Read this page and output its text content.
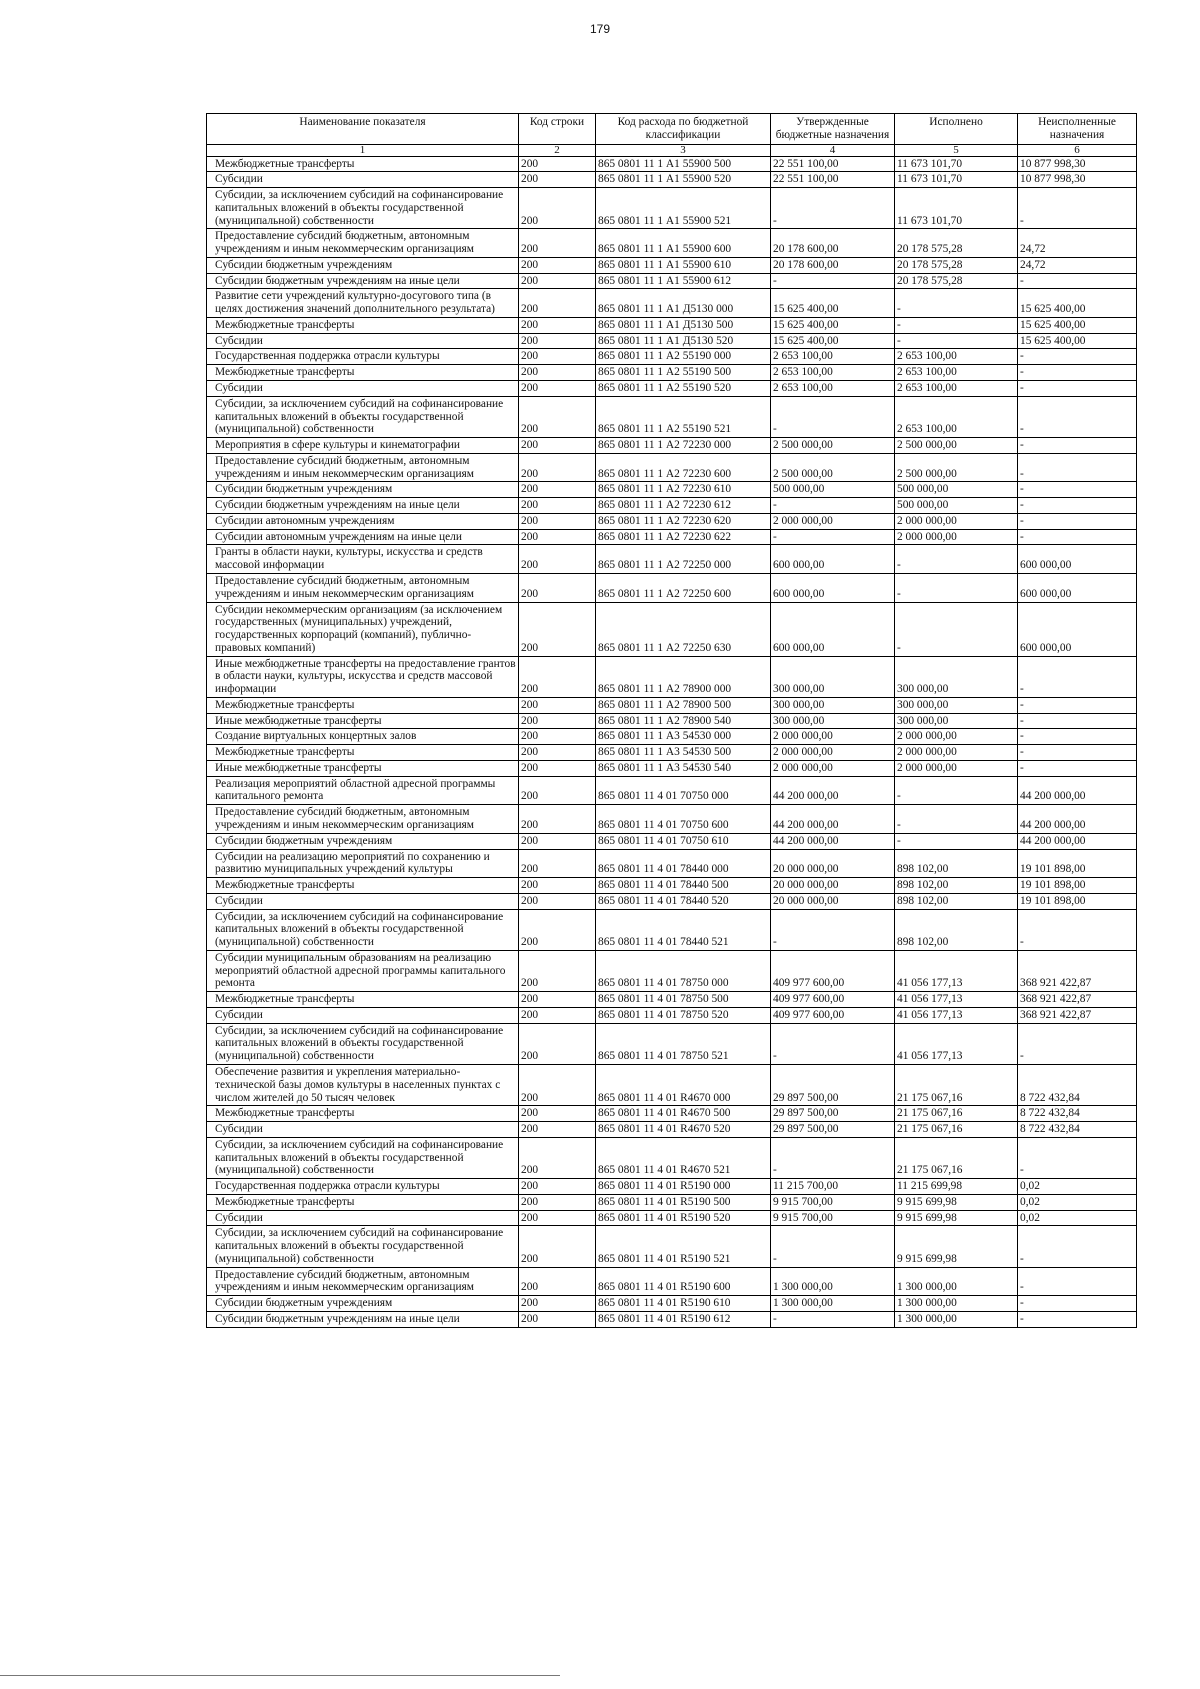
179
Наименование показателя	Код строки	Код расхода по бюджетной классификации	Утвержденные бюджетные назначения	Исполнено	Неисполненные назначения
1	2	3	4	5	6
Межбюджетные трансферты	200	865 0801 11 1 А1 55900 500	22 551 100,00	11 673 101,70	10 877 998,30
Субсидии	200	865 0801 11 1 А1 55900 520	22 551 100,00	11 673 101,70	10 877 998,30
Субсидии, за исключением субсидий на софинансирование капитальных вложений в объекты государственной (муниципальной) собственности	200	865 0801 11 1 А1 55900 521	-	11 673 101,70	-
Предоставление субсидий бюджетным, автономным учреждениям и иным некоммерческим организациям	200	865 0801 11 1 А1 55900 600	20 178 600,00	20 178 575,28	24,72
Субсидии бюджетным учреждениям	200	865 0801 11 1 А1 55900 610	20 178 600,00	20 178 575,28	24,72
Субсидии бюджетным учреждениям на иные цели	200	865 0801 11 1 А1 55900 612	-	20 178 575,28	-
Развитие сети учреждений культурно-досугового типа (в целях достижения значений дополнительного результата)	200	865 0801 11 1 А1 Д5130 000	15 625 400,00	-	15 625 400,00
Межбюджетные трансферты	200	865 0801 11 1 А1 Д5130 500	15 625 400,00	-	15 625 400,00
Субсидии	200	865 0801 11 1 А1 Д5130 520	15 625 400,00	-	15 625 400,00
Государственная поддержка отрасли культуры	200	865 0801 11 1 А2 55190 000	2 653 100,00	2 653 100,00	-
Межбюджетные трансферты	200	865 0801 11 1 А2 55190 500	2 653 100,00	2 653 100,00	-
Субсидии	200	865 0801 11 1 А2 55190 520	2 653 100,00	2 653 100,00	-
Субсидии, за исключением субсидий на софинансирование капитальных вложений в объекты государственной (муниципальной) собственности	200	865 0801 11 1 А2 55190 521	-	2 653 100,00	-
Мероприятия в сфере культуры и кинематографии	200	865 0801 11 1 А2 72230 000	2 500 000,00	2 500 000,00	-
Предоставление субсидий бюджетным, автономным учреждениям и иным некоммерческим организациям	200	865 0801 11 1 А2 72230 600	2 500 000,00	2 500 000,00	-
Субсидии бюджетным учреждениям	200	865 0801 11 1 А2 72230 610	500 000,00	500 000,00	-
Субсидии бюджетным учреждениям на иные цели	200	865 0801 11 1 А2 72230 612	-	500 000,00	-
Субсидии автономным учреждениям	200	865 0801 11 1 А2 72230 620	2 000 000,00	2 000 000,00	-
Субсидии автономным учреждениям на иные цели	200	865 0801 11 1 А2 72230 622	-	2 000 000,00	-
Гранты в области науки, культуры, искусства и средств массовой информации	200	865 0801 11 1 А2 72250 000	600 000,00	-	600 000,00
Предоставление субсидий бюджетным, автономным учреждениям и иным некоммерческим организациям	200	865 0801 11 1 А2 72250 600	600 000,00	-	600 000,00
Субсидии некоммерческим организациям (за исключением государственных (муниципальных) учреждений, государственных корпораций (компаний), публично-правовых компаний)	200	865 0801 11 1 А2 72250 630	600 000,00	-	600 000,00
Иные межбюджетные трансферты на предоставление грантов в области науки, культуры, искусства и средств массовой информации	200	865 0801 11 1 А2 78900 000	300 000,00	300 000,00	-
Межбюджетные трансферты	200	865 0801 11 1 А2 78900 500	300 000,00	300 000,00	-
Иные межбюджетные трансферты	200	865 0801 11 1 А2 78900 540	300 000,00	300 000,00	-
Создание виртуальных концертных залов	200	865 0801 11 1 А3 54530 000	2 000 000,00	2 000 000,00	-
Межбюджетные трансферты	200	865 0801 11 1 А3 54530 500	2 000 000,00	2 000 000,00	-
Иные межбюджетные трансферты	200	865 0801 11 1 А3 54530 540	2 000 000,00	2 000 000,00	-
Реализация мероприятий областной адресной программы капитального ремонта	200	865 0801 11 4 01 70750 000	44 200 000,00	-	44 200 000,00
Предоставление субсидий бюджетным, автономным учреждениям и иным некоммерческим организациям	200	865 0801 11 4 01 70750 600	44 200 000,00	-	44 200 000,00
Субсидии бюджетным учреждениям	200	865 0801 11 4 01 70750 610	44 200 000,00	-	44 200 000,00
Субсидии на реализацию мероприятий по сохранению и развитию муниципальных учреждений культуры	200	865 0801 11 4 01 78440 000	20 000 000,00	898 102,00	19 101 898,00
Межбюджетные трансферты	200	865 0801 11 4 01 78440 500	20 000 000,00	898 102,00	19 101 898,00
Субсидии	200	865 0801 11 4 01 78440 520	20 000 000,00	898 102,00	19 101 898,00
Субсидии, за исключением субсидий на софинансирование капитальных вложений в объекты государственной (муниципальной) собственности	200	865 0801 11 4 01 78440 521	-	898 102,00	-
Субсидии муниципальным образованиям на реализацию мероприятий областной адресной программы капитального ремонта	200	865 0801 11 4 01 78750 000	409 977 600,00	41 056 177,13	368 921 422,87
Межбюджетные трансферты	200	865 0801 11 4 01 78750 500	409 977 600,00	41 056 177,13	368 921 422,87
Субсидии	200	865 0801 11 4 01 78750 520	409 977 600,00	41 056 177,13	368 921 422,87
Субсидии, за исключением субсидий на софинансирование капитальных вложений в объекты государственной (муниципальной) собственности	200	865 0801 11 4 01 78750 521	-	41 056 177,13	-
Обеспечение развития и укрепления материально-технической базы домов культуры в населенных пунктах с числом жителей до 50 тысяч человек	200	865 0801 11 4 01 R4670 000	29 897 500,00	21 175 067,16	8 722 432,84
Межбюджетные трансферты	200	865 0801 11 4 01 R4670 500	29 897 500,00	21 175 067,16	8 722 432,84
Субсидии	200	865 0801 11 4 01 R4670 520	29 897 500,00	21 175 067,16	8 722 432,84
Субсидии, за исключением субсидий на софинансирование капитальных вложений в объекты государственной (муниципальной) собственности	200	865 0801 11 4 01 R4670 521	-	21 175 067,16	-
Государственная поддержка отрасли культуры	200	865 0801 11 4 01 R5190 000	11 215 700,00	11 215 699,98	0,02
Межбюджетные трансферты	200	865 0801 11 4 01 R5190 500	9 915 700,00	9 915 699,98	0,02
Субсидии	200	865 0801 11 4 01 R5190 520	9 915 700,00	9 915 699,98	0,02
Субсидии, за исключением субсидий на софинансирование капитальных вложений в объекты государственной (муниципальной) собственности	200	865 0801 11 4 01 R5190 521	-	9 915 699,98	-
Предоставление субсидий бюджетным, автономным учреждениям и иным некоммерческим организациям	200	865 0801 11 4 01 R5190 600	1 300 000,00	1 300 000,00	-
Субсидии бюджетным учреждениям	200	865 0801 11 4 01 R5190 610	1 300 000,00	1 300 000,00	-
Субсидии бюджетным учреждениям на иные цели	200	865 0801 11 4 01 R5190 612	-	1 300 000,00	-
